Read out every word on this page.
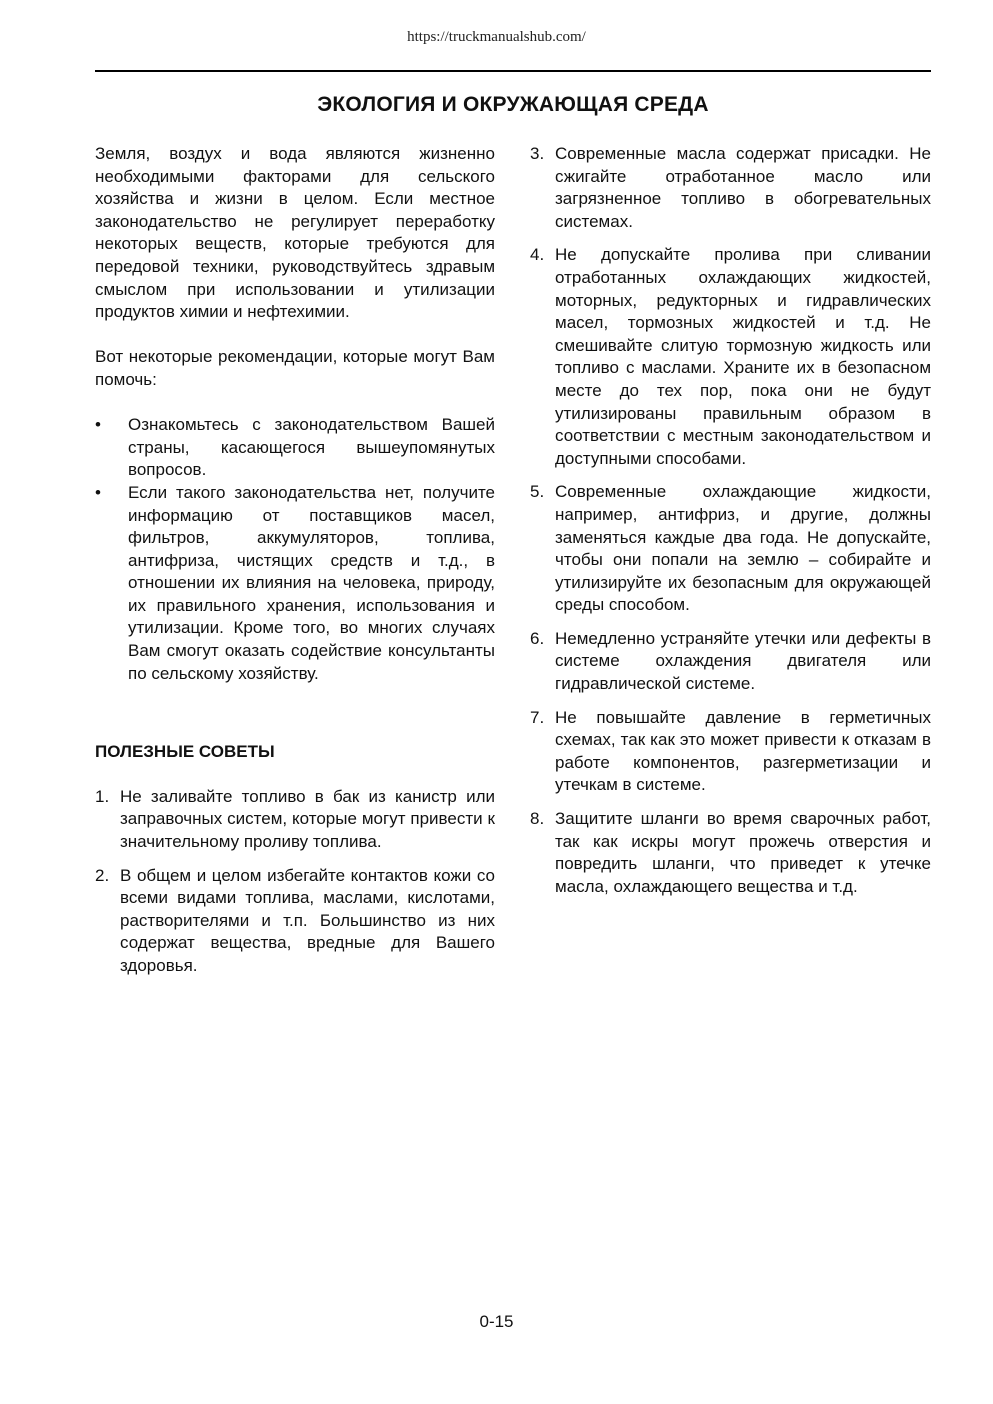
https://truckmanualshub.com/
ЭКОЛОГИЯ И ОКРУЖАЮЩАЯ СРЕДА

Земля, воздух и вода являются жизненно необходимыми факторами для сельского хозяйства и жизни в целом. Если местное законодательство не регулирует переработку некоторых веществ, которые требуются для передовой техники, руководствуйтесь здравым смыслом при использовании и утилизации продуктов химии и нефтехимии.

Вот некоторые рекомендации, которые могут Вам помочь:

• Ознакомьтесь с законодательством Вашей страны, касающегося вышеупомянутых вопросов.
• Если такого законодательства нет, получите информацию от поставщиков масел, фильтров, аккумуляторов, топлива, антифриза, чистящих средств и т.д., в отношении их влияния на человека, природу, их правильного хранения, использования и утилизации. Кроме того, во многих случаях Вам смогут оказать содействие консультанты по сельскому хозяйству.
ПОЛЕЗНЫЕ СОВЕТЫ
1. Не заливайте топливо в бак из канистр или заправочных систем, которые могут привести к значительному проливу топлива.
2. В общем и целом избегайте контактов кожи со всеми видами топлива, маслами, кислотами, растворителями и т.п. Большинство из них содержат вещества, вредные для Вашего здоровья.
3. Современные масла содержат присадки. Не сжигайте отработанное масло или загрязненное топливо в обогревательных системах.
4. Не допускайте пролива при сливании отработанных охлаждающих жидкостей, моторных, редукторных и гидравлических масел, тормозных жидкостей и т.д. Не смешивайте слитую тормозную жидкость или топливо с маслами. Храните их в безопасном месте до тех пор, пока они не будут утилизированы правильным образом в соответствии с местным законодательством и доступными способами.
5. Современные охлаждающие жидкости, например, антифриз, и другие, должны заменяться каждые два года. Не допускайте, чтобы они попали на землю – собирайте и утилизируйте их безопасным для окружающей среды способом.
6. Немедленно устраняйте утечки или дефекты в системе охлаждения двигателя или гидравлической системе.
7. Не повышайте давление в герметичных схемах, так как это может привести к отказам в работе компонентов, разгерметизации и утечкам в системе.
8. Защитите шланги во время сварочных работ, так как искры могут прожечь отверстия и повредить шланги, что приведет к утечке масла, охлаждающего вещества и т.д.
0-15
